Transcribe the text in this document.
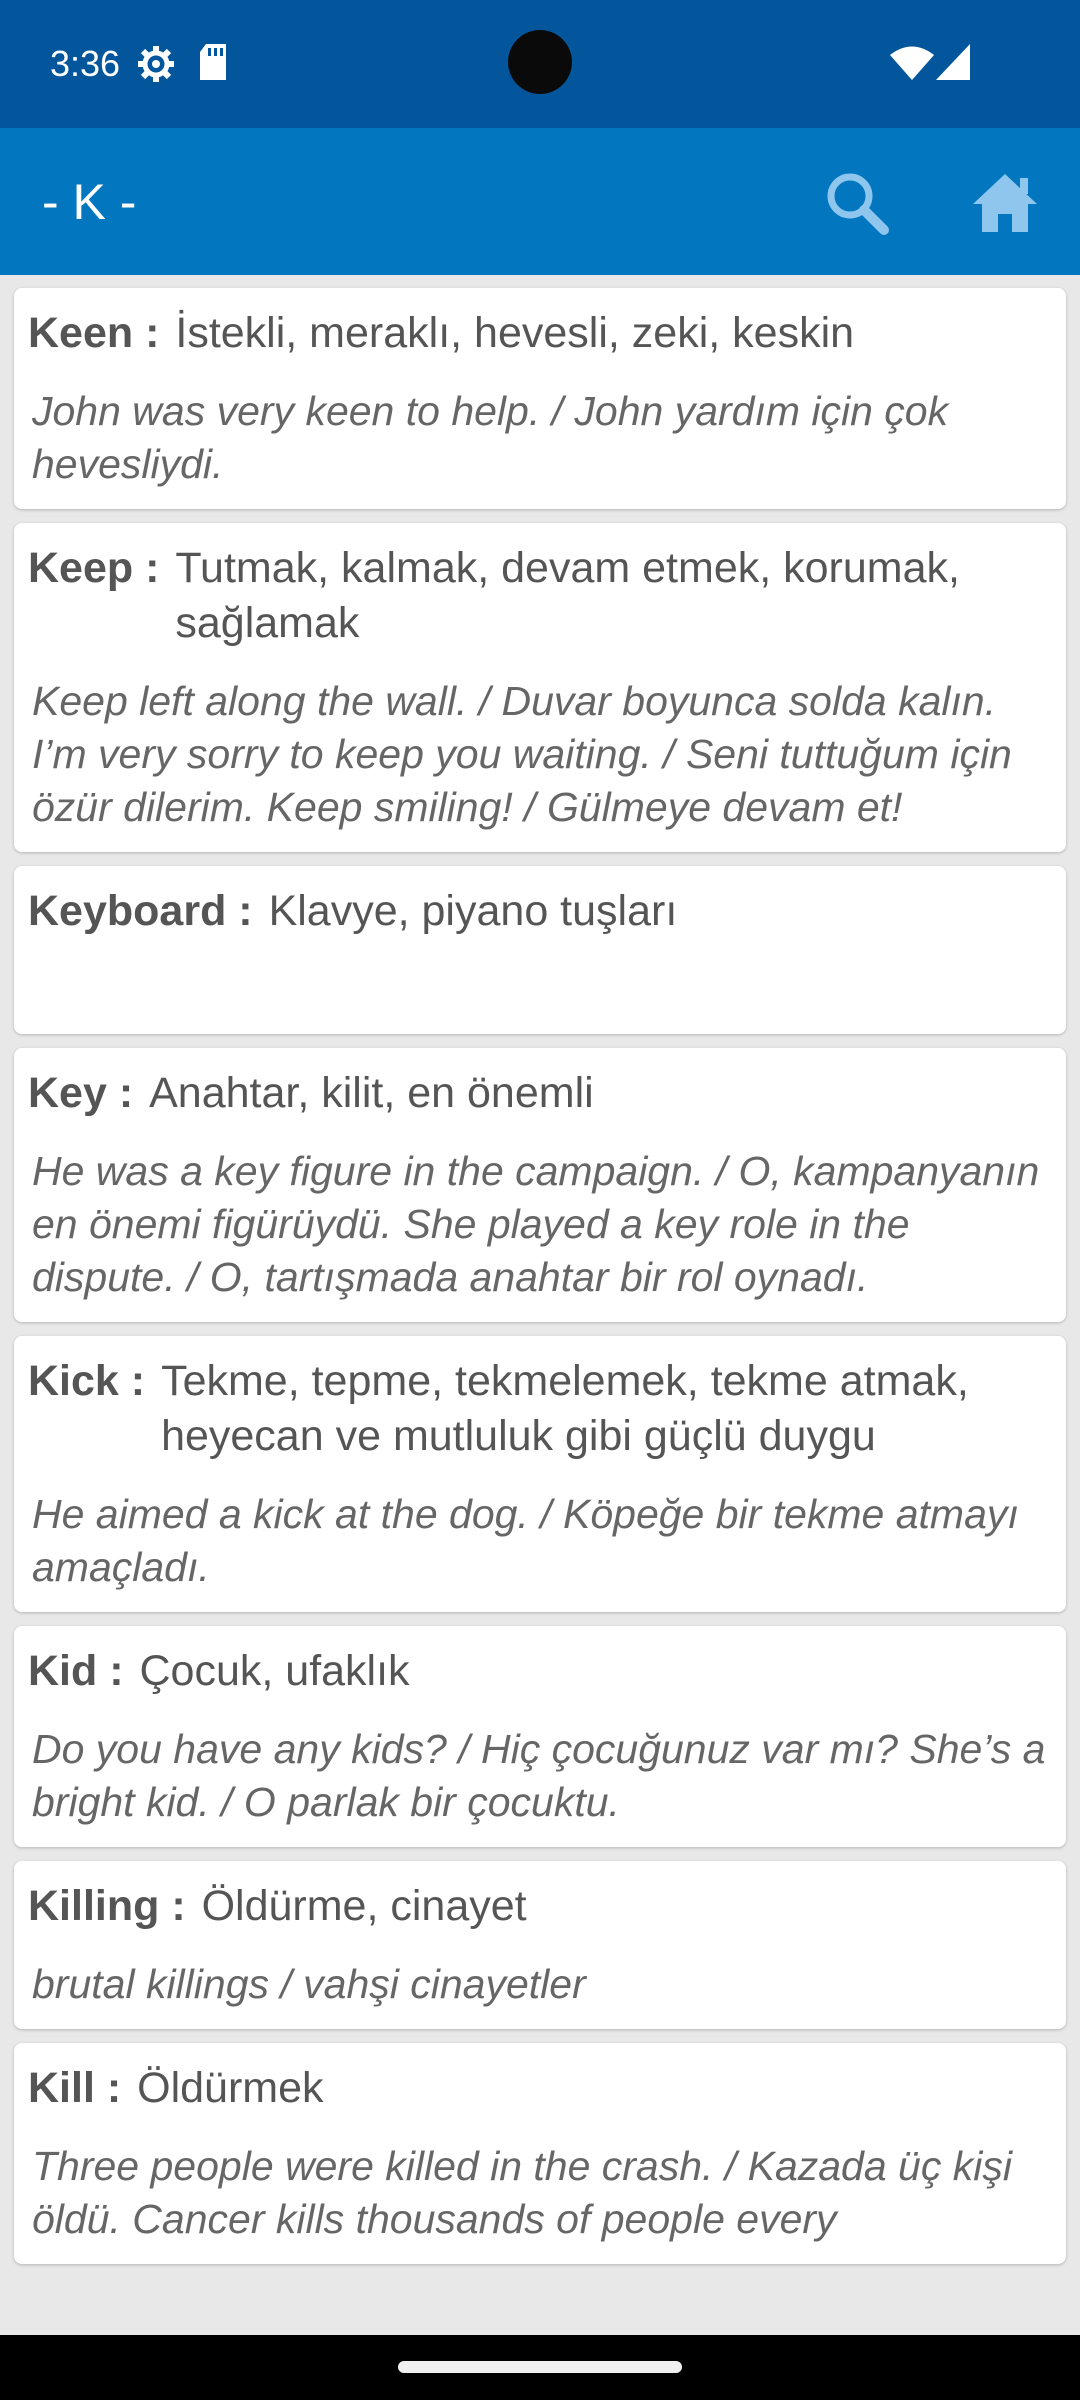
3:36
- K -
Keen : İstekli, meraklı, hevesli, zeki, keskin
John was very keen to help. / John yardım için çok hevesliydi.
Keep : Tutmak, kalmak, devam etmek, korumak, sağlamak
Keep left along the wall. / Duvar boyunca solda kalın. I’m very sorry to keep you waiting. / Seni tuttuğum için özür dilerim. Keep smiling! / Gülmeye devam et!
Keyboard : Klavye, piyano tuşları
Key : Anahtar, kilit, en önemli
He was a key figure in the campaign. / O, kampanyanın en önemi figürüydü. She played a key role in the dispute. / O, tartışmada anahtar bir rol oynadı.
Kick : Tekme, tepme, tekmelemek, tekme atmak, heyecan ve mutluluk gibi güçlü duygu
He aimed a kick at the dog. / Köpeğe bir tekme atmayı amaçladı.
Kid : Çocuk, ufaklık
Do you have any kids? / Hiç çocuğunuz var mı? She’s a bright kid. / O parlak bir çocuktu.
Killing : Öldürme, cinayet
brutal killings / vahşi cinayetler
Kill : Öldürmek
Three people were killed in the crash. / Kazada üç kişi öldü. Cancer kills thousands of people every
